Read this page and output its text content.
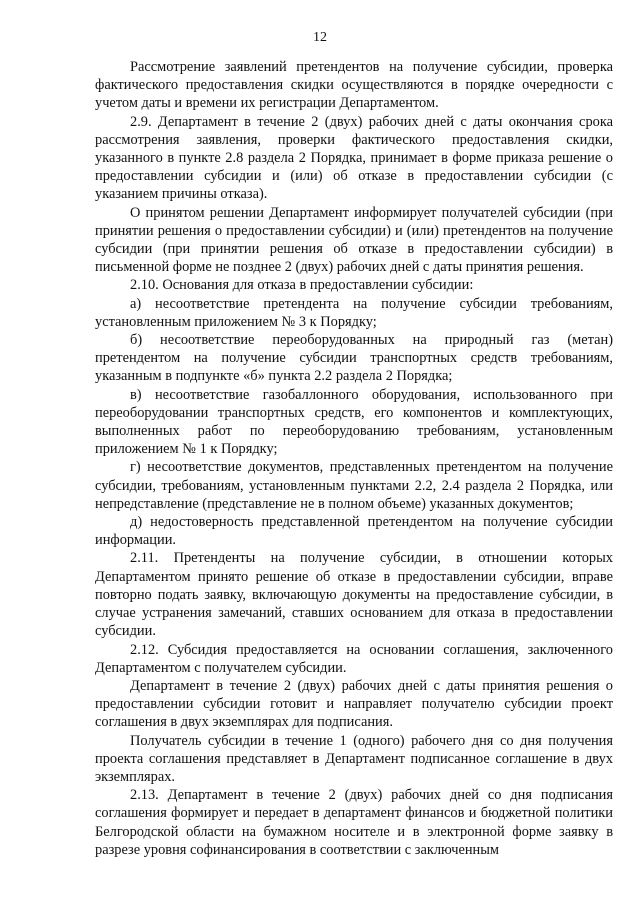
12

Рассмотрение заявлений претендентов на получение субсидии, проверка фактического предоставления скидки осуществляются в порядке очередности с учетом даты и времени их регистрации Департаментом.

2.9. Департамент в течение 2 (двух) рабочих дней с даты окончания срока рассмотрения заявления, проверки фактического предоставления скидки, указанного в пункте 2.8 раздела 2 Порядка, принимает в форме приказа решение о предоставлении субсидии и (или) об отказе в предоставлении субсидии (с указанием причины отказа).

О принятом решении Департамент информирует получателей субсидии (при принятии решения о предоставлении субсидии) и (или) претендентов на получение субсидии (при принятии решения об отказе в предоставлении субсидии) в письменной форме не позднее 2 (двух) рабочих дней с даты принятия решения.

2.10. Основания для отказа в предоставлении субсидии:

а) несоответствие претендента на получение субсидии требованиям, установленным приложением № 3 к Порядку;

б) несоответствие переоборудованных на природный газ (метан) претендентом на получение субсидии транспортных средств требованиям, указанным в подпункте «б» пункта 2.2 раздела 2 Порядка;

в) несоответствие газобаллонного оборудования, использованного при переоборудовании транспортных средств, его компонентов и комплектующих, выполненных работ по переоборудованию требованиям, установленным приложением № 1 к Порядку;

г) несоответствие документов, представленных претендентом на получение субсидии, требованиям, установленным пунктами 2.2, 2.4 раздела 2 Порядка, или непредставление (представление не в полном объеме) указанных документов;

д) недостоверность представленной претендентом на получение субсидии информации.

2.11. Претенденты на получение субсидии, в отношении которых Департаментом принято решение об отказе в предоставлении субсидии, вправе повторно подать заявку, включающую документы на предоставление субсидии, в случае устранения замечаний, ставших основанием для отказа в предоставлении субсидии.

2.12. Субсидия предоставляется на основании соглашения, заключенного Департаментом с получателем субсидии.

Департамент в течение 2 (двух) рабочих дней с даты принятия решения о предоставлении субсидии готовит и направляет получателю субсидии проект соглашения в двух экземплярах для подписания.

Получатель субсидии в течение 1 (одного) рабочего дня со дня получения проекта соглашения представляет в Департамент подписанное соглашение в двух экземплярах.

2.13. Департамент в течение 2 (двух) рабочих дней со дня подписания соглашения формирует и передает в департамент финансов и бюджетной политики Белгородской области на бумажном носителе и в электронной форме заявку в разрезе уровня софинансирования в соответствии с заключенным
